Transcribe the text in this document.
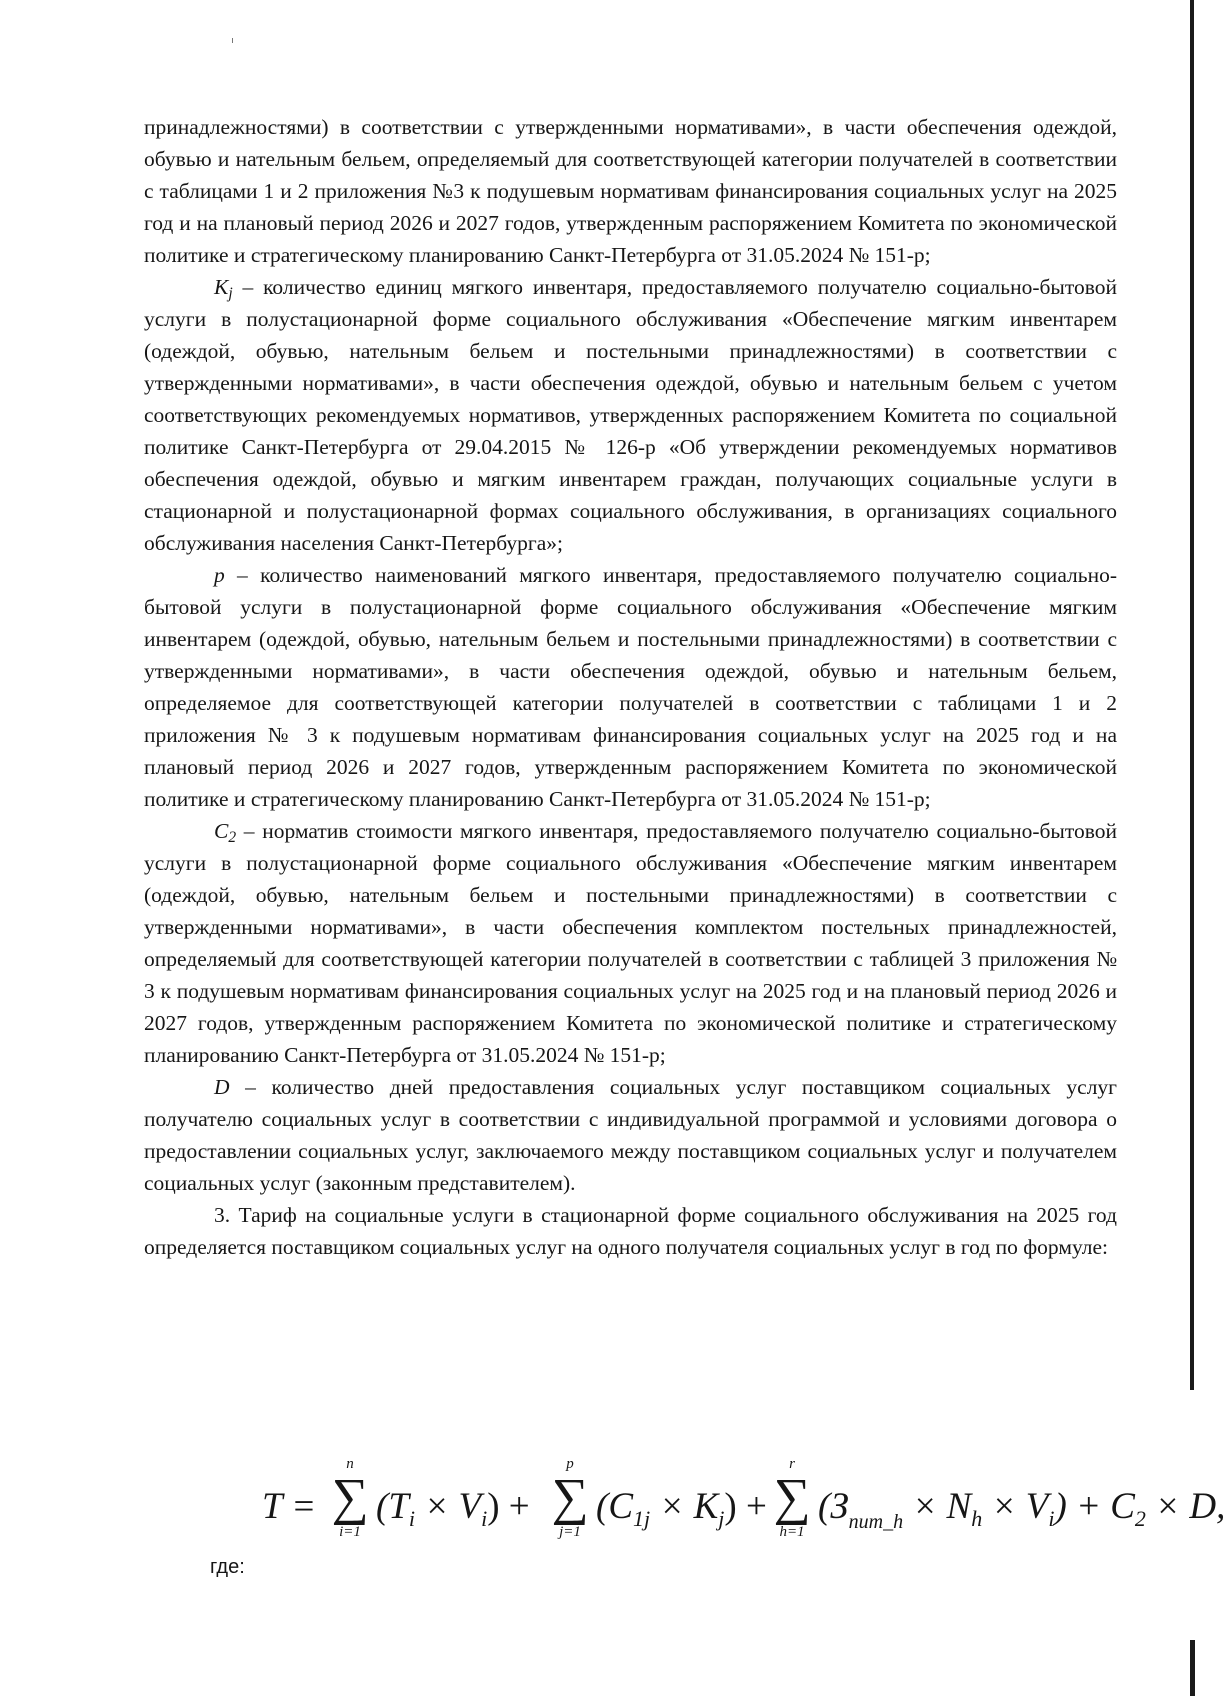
принадлежностями) в соответствии с утвержденными нормативами», в части обеспечения одеждой, обувью и нательным бельем, определяемый для соответствующей категории получателей в соответствии с таблицами 1 и 2 приложения №3 к подушевым нормативам финансирования социальных услуг на 2025 год и на плановый период 2026 и 2027 годов, утвержденным распоряжением Комитета по экономической политике и стратегическому планированию Санкт-Петербурга от 31.05.2024 № 151-р;

$K_j$ – количество единиц мягкого инвентаря, предоставляемого получателю социально-бытовой услуги в полустационарной форме социального обслуживания «Обеспечение мягким инвентарем (одеждой, обувью, нательным бельем и постельными принадлежностями) в соответствии с утвержденными нормативами», в части обеспечения одеждой, обувью и нательным бельем с учетом соответствующих рекомендуемых нормативов, утвержденных распоряжением Комитета по социальной политике Санкт-Петербурга от 29.04.2015 № 126-р «Об утверждении рекомендуемых нормативов обеспечения одеждой, обувью и мягким инвентарем граждан, получающих социальные услуги в стационарной и полустационарной формах социального обслуживания, в организациях социального обслуживания населения Санкт-Петербурга»;

p – количество наименований мягкого инвентаря, предоставляемого получателю социально-бытовой услуги в полустационарной форме социального обслуживания «Обеспечение мягким инвентарем (одеждой, обувью, нательным бельем и постельными принадлежностями) в соответствии с утвержденными нормативами», в части обеспечения одеждой, обувью и нательным бельем, определяемое для соответствующей категории получателей в соответствии с таблицами 1 и 2 приложения № 3 к подушевым нормативам финансирования социальных услуг на 2025 год и на плановый период 2026 и 2027 годов, утвержденным распоряжением Комитета по экономической политике и стратегическому планированию Санкт-Петербурга от 31.05.2024 № 151-р;

$C_2$ – норматив стоимости мягкого инвентаря, предоставляемого получателю социально-бытовой услуги в полустационарной форме социального обслуживания «Обеспечение мягким инвентарем (одеждой, обувью, нательным бельем и постельными принадлежностями) в соответствии с утвержденными нормативами», в части обеспечения комплектом постельных принадлежностей, определяемый для соответствующей категории получателей в соответствии с таблицей 3 приложения № 3 к подушевым нормативам финансирования социальных услуг на 2025 год и на плановый период 2026 и 2027 годов, утвержденным распоряжением Комитета по экономической политике и стратегическому планированию Санкт-Петербурга от 31.05.2024 № 151-р;

D – количество дней предоставления социальных услуг поставщиком социальных услуг получателю социальных услуг в соответствии с индивидуальной программой и условиями договора о предоставлении социальных услуг, заключаемого между поставщиком социальных услуг и получателем социальных услуг (законным представителем).

3. Тариф на социальные услуги в стационарной форме социального обслуживания на 2025 год определяется поставщиком социальных услуг на одного получателя социальных услуг в год по формуле:

T =
n
∑
i=1
$(T_i \times V_i)$ +
p
∑
j=1
$(C_{1j} \times K_j)$ +
r
∑
h=1
$(З_{num\_h} \times N_h \times V_i) + C_2 \times D$,
где:
